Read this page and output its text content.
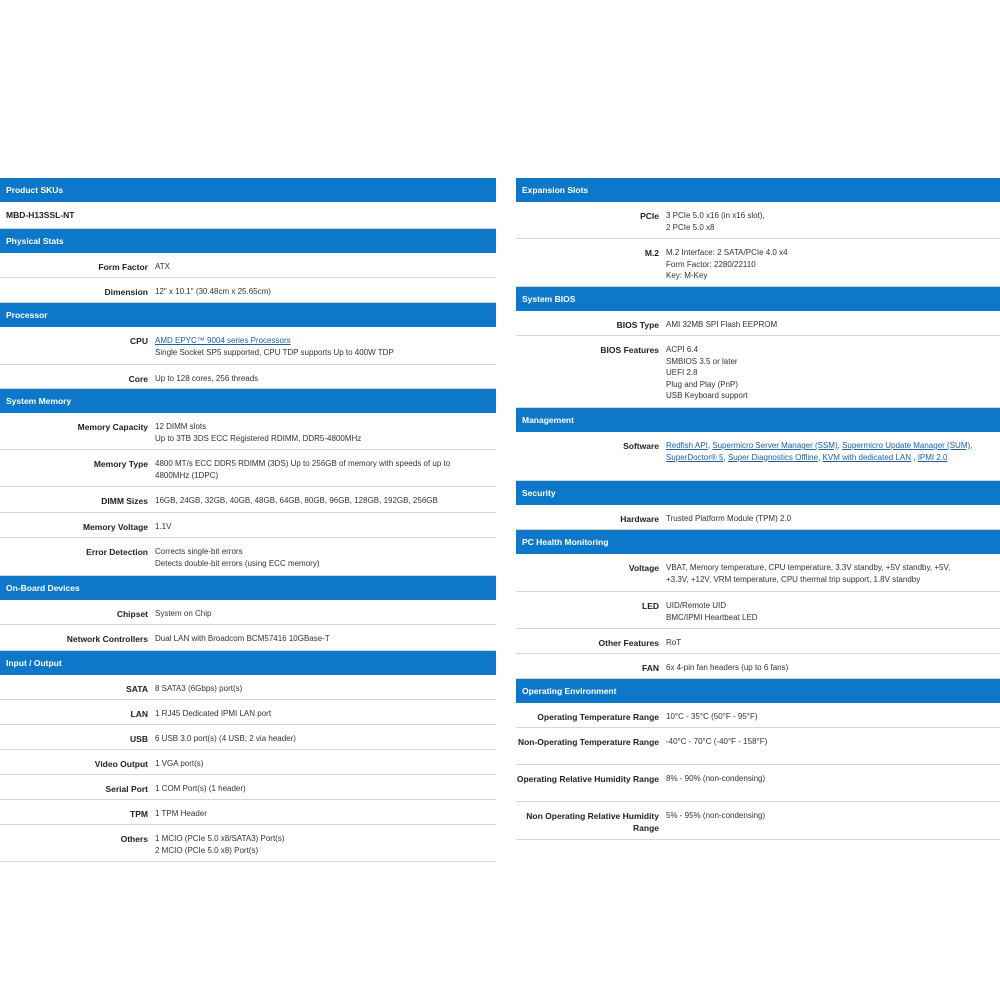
Product SKUs
MBD-H13SSL-NT
Physical Stats
Form Factor ATX
Dimension 12" x 10.1" (30.48cm x 25.65cm)
Processor
CPU AMD EPYC™ 9004 series Processors
Single Socket SP5 supported, CPU TDP supports Up to 400W TDP
Core Up to 128 cores, 256 threads
System Memory
Memory Capacity 12 DIMM slots
Up to 3TB 3DS ECC Registered RDIMM, DDR5-4800MHz
Memory Type 4800 MT/s ECC DDR5 RDIMM (3DS) Up to 256GB of memory with speeds of up to
4800MHz (1DPC)
DIMM Sizes 16GB, 24GB, 32GB, 40GB, 48GB, 64GB, 80GB, 96GB, 128GB, 192GB, 256GB
Memory Voltage 1.1V
Error Detection Corrects single-bit errors
Detects double-bit errors (using ECC memory)
On-Board Devices
Chipset System on Chip
Network Controllers Dual LAN with Broadcom BCM57416 10GBase-T
Input / Output
SATA 8 SATA3 (6Gbps) port(s)
LAN 1 RJ45 Dedicated IPMI LAN port
USB 6 USB 3.0 port(s) (4 USB; 2 via header)
Video Output 1 VGA port(s)
Serial Port 1 COM Port(s) (1 header)
TPM 1 TPM Header
Others 1 MCIO (PCIe 5.0 x8/SATA3) Port(s)
2 MCIO (PCIe 5.0 x8) Port(s)
Expansion Slots
PCIe 3 PCIe 5.0 x16 (in x16 slot),
2 PCIe 5.0 x8
M.2 M.2 Interface: 2 SATA/PCIe 4.0 x4
Form Factor: 2280/22110
Key: M-Key
System BIOS
BIOS Type AMI 32MB SPI Flash EEPROM
BIOS Features ACPI 6.4
SMBIOS 3.5 or later
UEFI 2.8
Plug and Play (PnP)
USB Keyboard support
Management
Software Redfish API, Supermicro Server Manager (SSM), Supermicro Update Manager (SUM), SuperDoctor® 5, Super Diagnostics Offline, KVM with dedicated LAN , IPMI 2.0
Security
Hardware Trusted Platform Module (TPM) 2.0
PC Health Monitoring
Voltage VBAT, Memory temperature, CPU temperature, 3.3V standby, +5V standby, +5V,
+3.3V, +12V, VRM temperature, CPU thermal trip support, 1.8V standby
LED UID/Remote UID
BMC/IPMI Heartbeat LED
Other Features RoT
FAN 6x 4-pin fan headers (up to 6 fans)
Operating Environment
Operating Temperature Range 10°C - 35°C (50°F - 95°F)
Non-Operating Temperature Range -40°C - 70°C (-40°F - 158°F)
Operating Relative Humidity Range 8% - 90% (non-condensing)
Non Operating Relative Humidity Range
5% - 95% (non-condensing)
